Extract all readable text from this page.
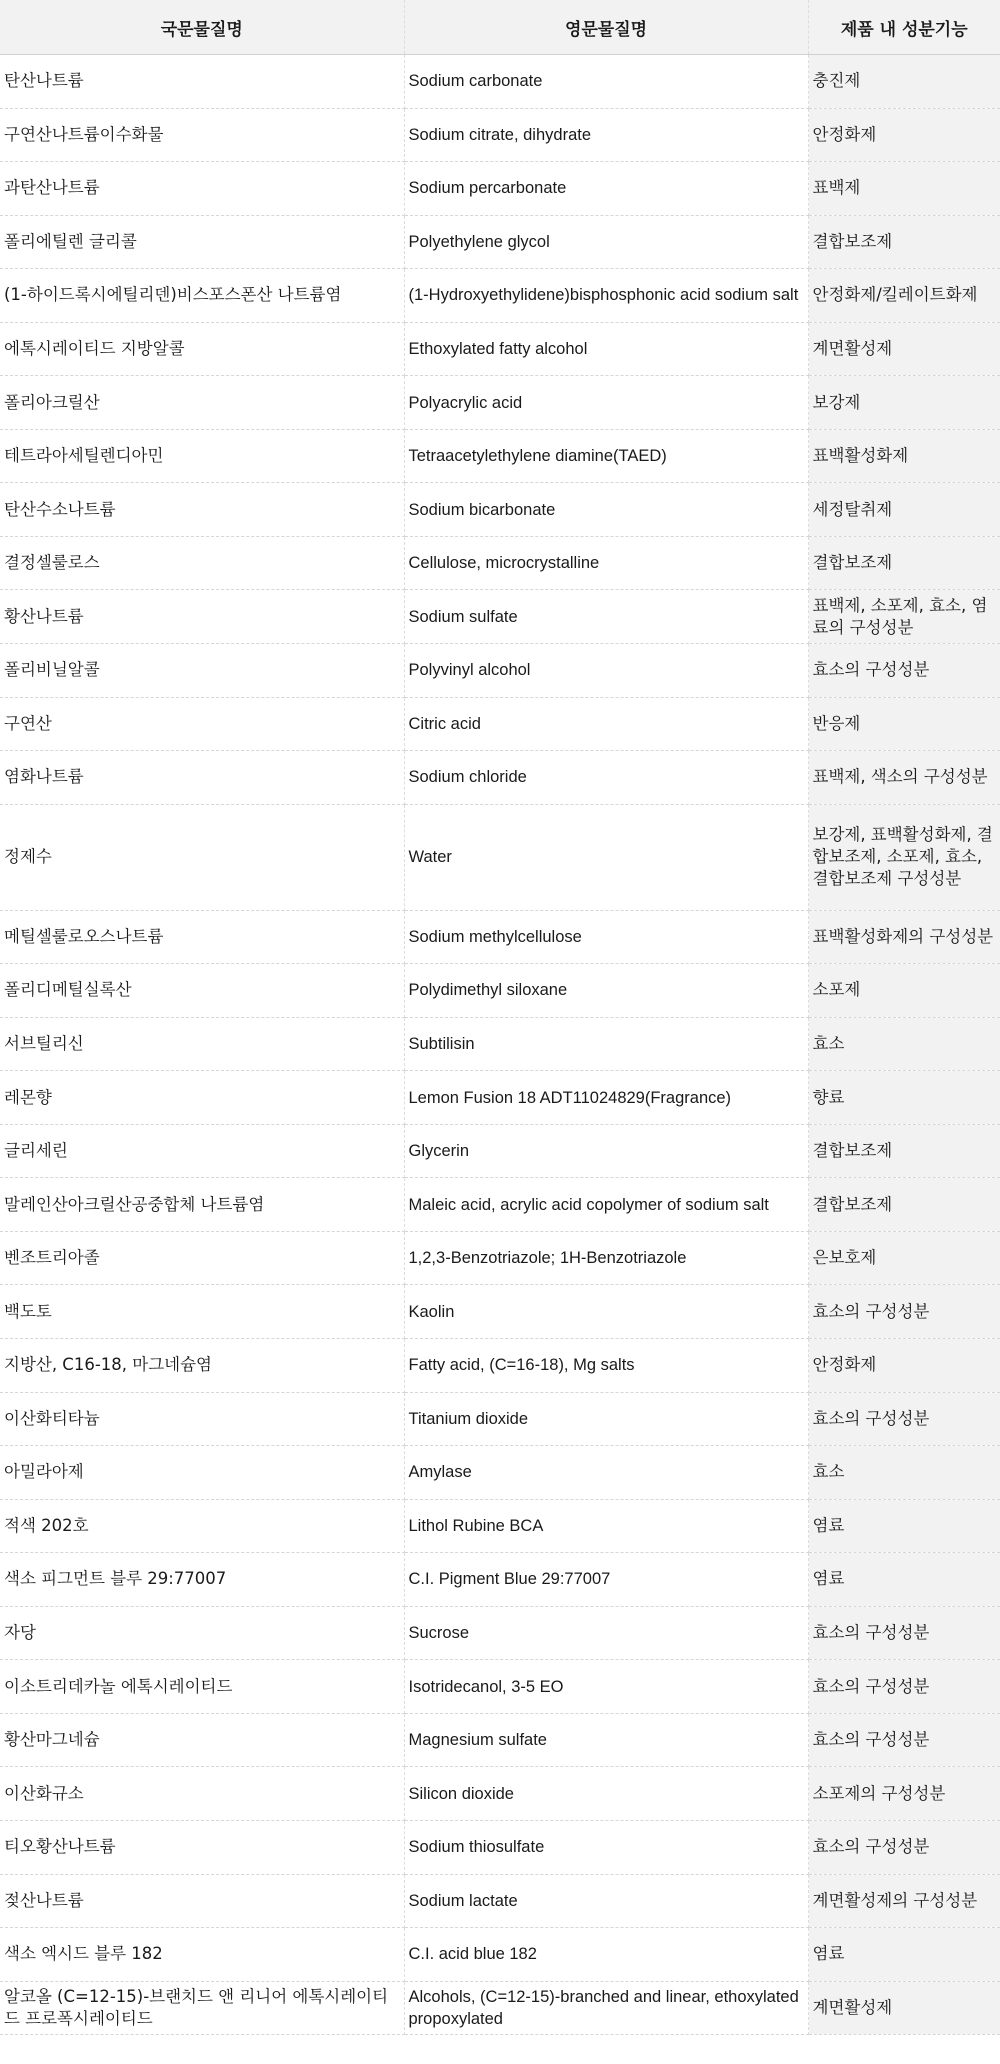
국문물질명	영문물질명	제품 내 성분기능
탄산나트륨	Sodium carbonate	충진제
구연산나트륨이수화물	Sodium citrate, dihydrate	안정화제
과탄산나트륨	Sodium percarbonate	표백제
폴리에틸렌 글리콜	Polyethylene glycol	결합보조제
(1-하이드록시에틸리덴)비스포스폰산 나트륨염	(1-Hydroxyethylidene)bisphosphonic acid sodium salt	안정화제/킬레이트화제
에톡시레이티드 지방알콜	Ethoxylated fatty alcohol	계면활성제
폴리아크릴산	Polyacrylic acid	보강제
테트라아세틸렌디아민	Tetraacetylethylene diamine(TAED)	표백활성화제
탄산수소나트륨	Sodium bicarbonate	세정탈취제
결정셀룰로스	Cellulose, microcrystalline	결합보조제
황산나트륨	Sodium sulfate	표백제, 소포제, 효소, 염료의 구성성분
폴리비닐알콜	Polyvinyl alcohol	효소의 구성성분
구연산	Citric acid	반응제
염화나트륨	Sodium chloride	표백제, 색소의 구성성분
정제수	Water	보강제, 표백활성화제, 결합보조제, 소포제, 효소, 결합보조제 구성성분
메틸셀룰로오스나트륨	Sodium methylcellulose	표백활성화제의 구성성분
폴리디메틸실록산	Polydimethyl siloxane	소포제
서브틸리신	Subtilisin	효소
레몬향	Lemon Fusion 18 ADT11024829(Fragrance)	향료
글리세린	Glycerin	결합보조제
말레인산아크릴산공중합체 나트륨염	Maleic acid, acrylic acid copolymer of sodium salt	결합보조제
벤조트리아졸	1,2,3-Benzotriazole; 1H-Benzotriazole	은보호제
백도토	Kaolin	효소의 구성성분
지방산, C16-18, 마그네슘염	Fatty acid, (C=16-18), Mg salts	안정화제
이산화티타늄	Titanium dioxide	효소의 구성성분
아밀라아제	Amylase	효소
적색 202호	Lithol Rubine BCA	염료
색소 피그먼트 블루 29:77007	C.I. Pigment Blue 29:77007	염료
자당	Sucrose	효소의 구성성분
이소트리데카놀 에톡시레이티드	Isotridecanol, 3-5 EO	효소의 구성성분
황산마그네슘	Magnesium sulfate	효소의 구성성분
이산화규소	Silicon dioxide	소포제의 구성성분
티오황산나트륨	Sodium thiosulfate	효소의 구성성분
젖산나트륨	Sodium lactate	계면활성제의 구성성분
색소 엑시드 블루 182	C.I. acid blue 182	염료
알코올 (C=12-15)-브랜치드 앤 리니어 에톡시레이티드 프로폭시레이티드	Alcohols, (C=12-15)-branched and linear, ethoxylated propoxylated	계면활성제
